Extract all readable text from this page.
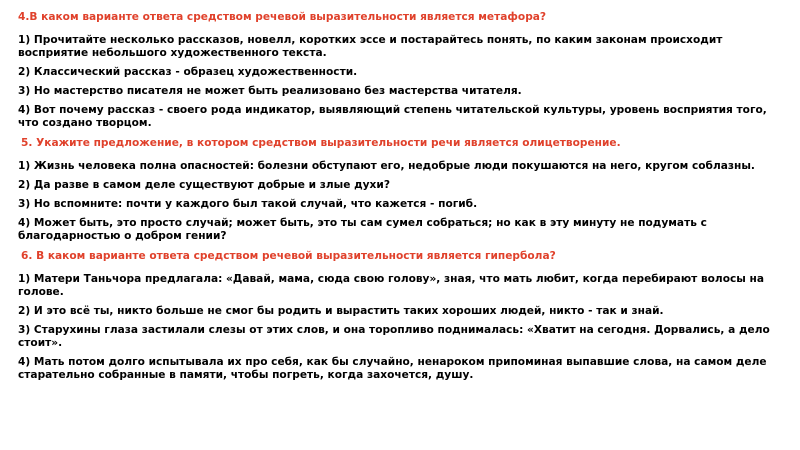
4.В каком варианте ответа средством речевой выразительности является метафора?
1) Прочитайте несколько рассказов, новелл, коротких эссе и постарайтесь понять, по каким законам происходит восприятие небольшого художественного текста.
2) Классический рассказ - образец художественности.
3) Но мастерство писателя не может быть реализовано без мастерства читателя.
4) Вот почему рассказ - своего рода индикатор, выявляющий степень читательской культуры, уровень восприятия того, что создано творцом.
5. Укажите предложение, в котором средством выразительности речи является олицетворение.
1) Жизнь человека полна опасностей: болезни обступают его, недобрые люди покушаются на него, кругом соблазны.
2) Да разве в самом деле существуют добрые и злые духи?
3) Но вспомните: почти у каждого был такой случай, что кажется - погиб.
4) Может быть, это просто случай; может быть, это ты сам сумел собраться; но как в эту минуту не подумать с благодарностью о добром гении?
6. В каком варианте ответа средством речевой выразительности является гипербола?
1) Матери Таньчора предлагала: «Давай, мама, сюда свою голову», зная, что мать любит, когда перебирают волосы на голове.
2) И это всё ты, никто больше не смог бы родить и вырастить таких хороших людей, никто - так и знай.
3) Старухины глаза застилали слезы от этих слов, и она торопливо поднималась: «Хватит на сегодня. Дорвались, а дело стоит».
4) Мать потом долго испытывала их про себя, как бы случайно, ненароком припоминая выпавшие слова, на самом деле старательно собранные в памяти, чтобы погреть, когда захочется, душу.
